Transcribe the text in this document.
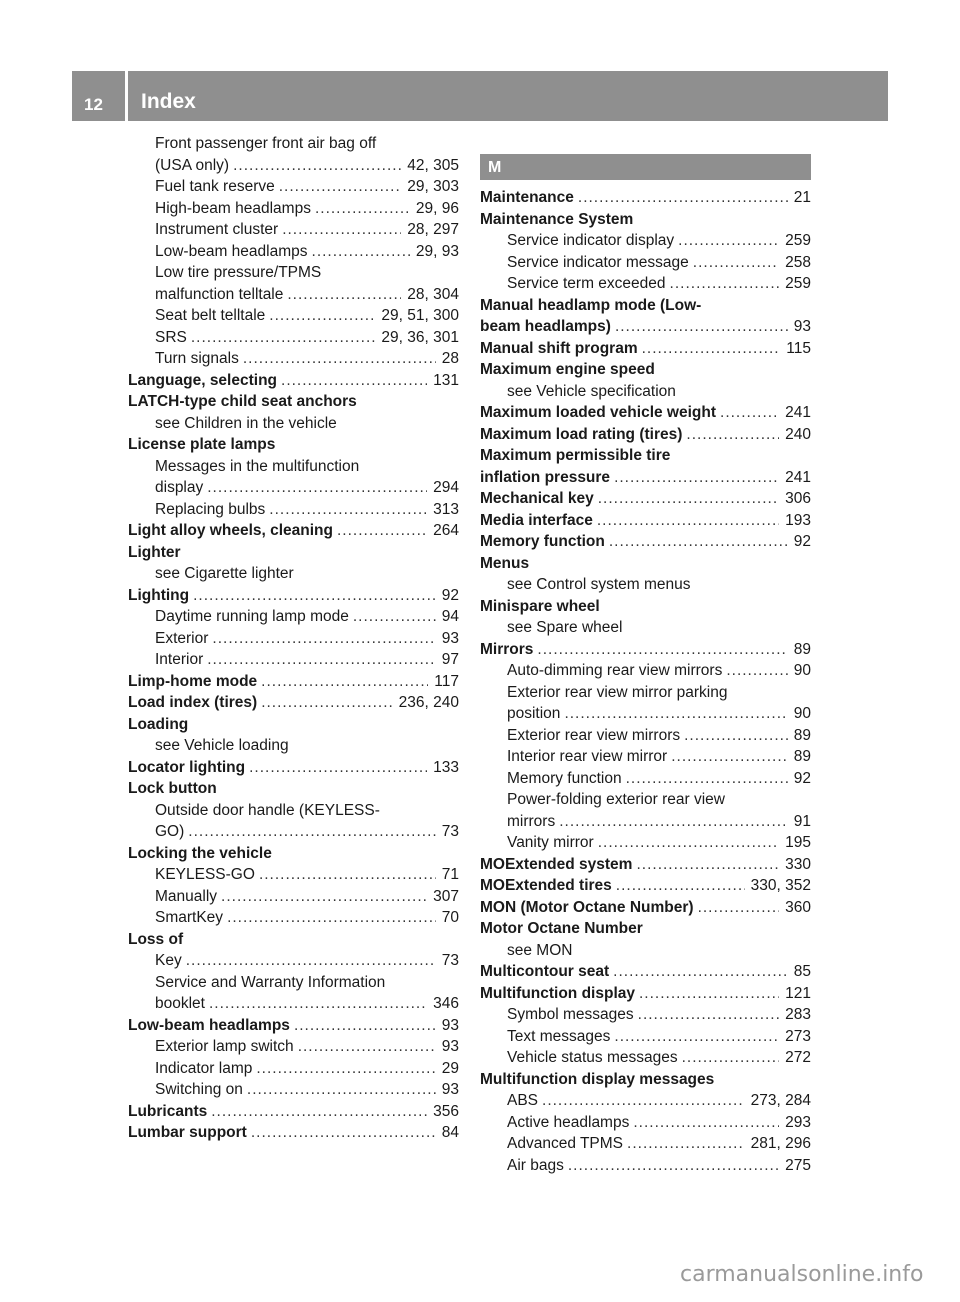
12	Index
Front passenger front air bag off
(USA only) .....	42, 305
Fuel tank reserve .....	29, 303
High-beam headlamps .....	29, 96
Instrument cluster .....	28, 297
Low-beam headlamps .....	29, 93
Low tire pressure/TPMS
malfunction telltale .....	28, 304
Seat belt telltale .....	29, 51, 300
SRS .....	29, 36, 301
Turn signals .....	28
Language, selecting .....	131
LATCH-type child seat anchors
see Children in the vehicle
License plate lamps
Messages in the multifunction
display .....	294
Replacing bulbs .....	313
Light alloy wheels, cleaning .....	264
Lighter
see Cigarette lighter
Lighting .....	92
Daytime running lamp mode .....	94
Exterior .....	93
Interior .....	97
Limp-home mode .....	117
Load index (tires) .....	236, 240
Loading
see Vehicle loading
Locator lighting .....	133
Lock button
Outside door handle (KEYLESS-
GO) .....	73
Locking the vehicle
KEYLESS-GO .....	71
Manually .....	307
SmartKey .....	70
Loss of
Key .....	73
Service and Warranty Information
booklet .....	346
Low-beam headlamps .....	93
Exterior lamp switch .....	93
Indicator lamp .....	29
Switching on .....	93
Lubricants .....	356
Lumbar support .....	84
M
Maintenance .....	21
Maintenance System
Service indicator display .....	259
Service indicator message .....	258
Service term exceeded .....	259
Manual headlamp mode (Low-
beam headlamps) .....	93
Manual shift program .....	115
Maximum engine speed
see Vehicle specification
Maximum loaded vehicle weight .....	241
Maximum load rating (tires) .....	240
Maximum permissible tire
inflation pressure .....	241
Mechanical key .....	306
Media interface .....	193
Memory function .....	92
Menus
see Control system menus
Minispare wheel
see Spare wheel
Mirrors .....	89
Auto-dimming rear view mirrors .....	90
Exterior rear view mirror parking
position .....	90
Exterior rear view mirrors .....	89
Interior rear view mirror .....	89
Memory function .....	92
Power-folding exterior rear view
mirrors .....	91
Vanity mirror .....	195
MOExtended system .....	330
MOExtended tires .....	330, 352
MON (Motor Octane Number) .....	360
Motor Octane Number
see MON
Multicontour seat .....	85
Multifunction display .....	121
Symbol messages .....	283
Text messages .....	273
Vehicle status messages .....	272
Multifunction display messages
ABS .....	273, 284
Active headlamps .....	293
Advanced TPMS .....	281, 296
Air bags .....	275
carmanualsonline.info
